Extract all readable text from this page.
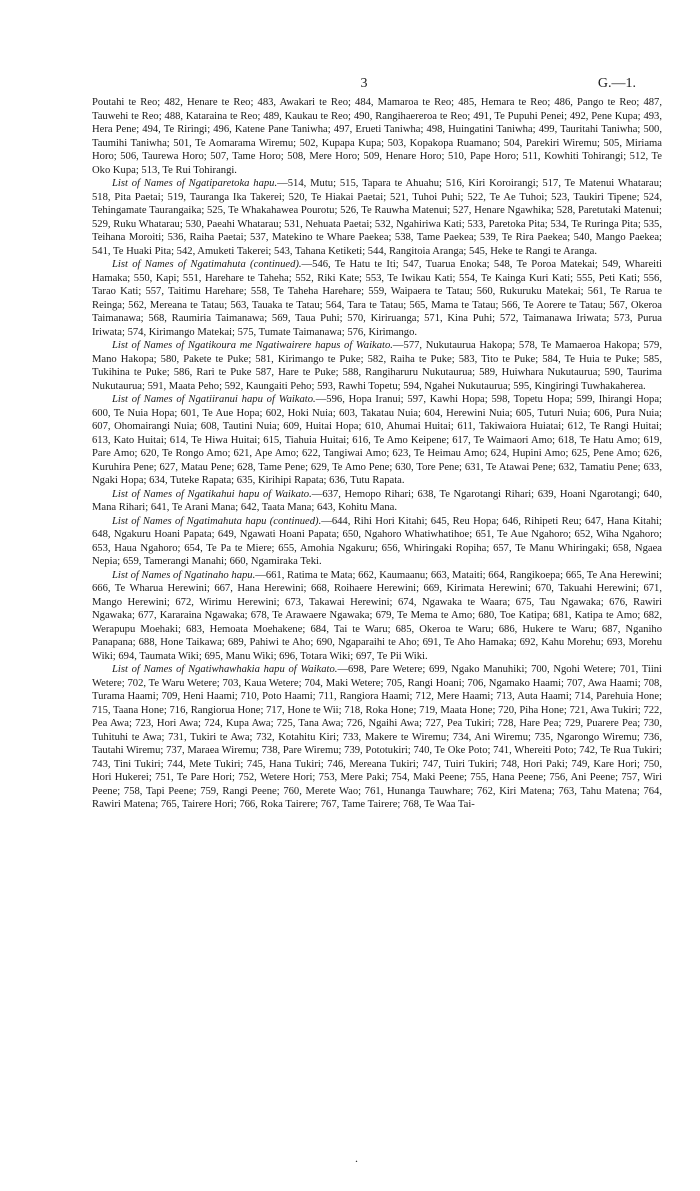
3	G.—1.

Poutahi te Reo; 482, Henare te Reo; 483, Awakari te Reo; 484, Mamaroa te Reo; 485, Hemara te Reo; 486, Pango te Reo; 487, Tauwehi te Reo; 488, Kataraina te Reo; 489, Kaukau te Reo; 490, Rangihaereroa te Reo; 491, Te Pupuhi Penei; 492, Pene Kupa; 493, Hera Pene; 494, Te Riringi; 496, Katene Pane Taniwha; 497, Erueti Taniwha; 498, Huingatini Taniwha; 499, Tauritahi Taniwha; 500, Taumihi Taniwha; 501, Te Aomarama Wiremu; 502, Kupapa Kupa; 503, Kopakopa Ruamano; 504, Parekiri Wiremu; 505, Miriama Horo; 506, Taurewa Horo; 507, Tame Horo; 508, Mere Horo; 509, Henare Horo; 510, Pape Horo; 511, Kowhiti Tohirangi; 512, Te Oko Kupa; 513, Te Rui Tohirangi.

List of Names of Ngatiparetoka hapu.—514, Mutu; 515, Tapara te Ahuahu; 516, Kiri Koroirangi; 517, Te Matenui Whatarau; 518, Pita Paetai; 519, Tauranga Ika Takerei; 520, Te Hiakai Paetai; 521, Tuhoi Puhi; 522, Te Ae Tuhoi; 523, Taukiri Tipene; 524, Tehingamate Taurangaika; 525, Te Whakahawea Pourotu; 526, Te Rauwha Matenui; 527, Henare Ngawhika; 528, Paretutaki Matenui; 529, Ruku Whatarau; 530, Paeahi Whatarau; 531, Nehuata Paetai; 532, Ngahiriwa Kati; 533, Paretoka Pita; 534, Te Ruringa Pita; 535, Teihana Moroiti; 536, Raiha Paetai; 537, Matekino te Whare Paekea; 538, Tame Paekea; 539, Te Rira Paekea; 540, Mango Paekea; 541, Te Huaki Pita; 542, Amuketi Takerei; 543, Tahana Ketiketi; 544, Rangitoia Aranga; 545, Heke te Rangi te Aranga.

List of Names of Ngatimahuta (continued).—546, Te Hatu te Iti; 547, Tuarua Enoka; 548, Te Poroa Matekai; 549, Whareiti Hamaka; 550, Kapi; 551, Harehare te Taheha; 552, Riki Kate; 553, Te Iwikau Kati; 554, Te Kainga Kuri Kati; 555, Peti Kati; 556, Tarao Kati; 557, Taitimu Harehare; 558, Te Taheha Harehare; 559, Waipaera te Tatau; 560, Rukuruku Matekai; 561, Te Rarua te Reinga; 562, Mereana te Tatau; 563, Tauaka te Tatau; 564, Tara te Tatau; 565, Mama te Tatau; 566, Te Aorere te Tatau; 567, Okeroa Taimanawa; 568, Raumiria Taimanawa; 569, Taua Puhi; 570, Kiriruanga; 571, Kina Puhi; 572, Taimanawa Iriwata; 573, Purua Iriwata; 574, Kirimango Matekai; 575, Tumate Taimanawa; 576, Kirimango.

List of Names of Ngatikoura me Ngatiwairere hapus of Waikato.—577, Nukutaurua Hakopa; 578, Te Mamaeroa Hakopa; 579, Mano Hakopa; 580, Pakete te Puke; 581, Kirimango te Puke; 582, Raiha te Puke; 583, Tito te Puke; 584, Te Huia te Puke; 585, Tukihina te Puke; 586, Rari te Puke 587, Hare te Puke; 588, Rangiharuru Nukutaurua; 589, Huiwhara Nukutaurua; 590, Taurima Nukutaurua; 591, Maata Peho; 592, Kaungaiti Peho; 593, Rawhi Topetu; 594, Ngahei Nukutaurua; 595, Kingiringi Tuwhakaherea.

List of Names of Ngatiiranui hapu of Waikato.—596, Hopa Iranui; 597, Kawhi Hopa; 598, Topetu Hopa; 599, Ihirangi Hopa; 600, Te Nuia Hopa; 601, Te Aue Hopa; 602, Hoki Nuia; 603, Takatau Nuia; 604, Herewini Nuia; 605, Tuturi Nuia; 606, Pura Nuia; 607, Ohomairangi Nuia; 608, Tautini Nuia; 609, Huitai Hopa; 610, Ahumai Huitai; 611, Takiwaiora Huiatai; 612, Te Rangi Huitai; 613, Kato Huitai; 614, Te Hiwa Huitai; 615, Tiahuia Huitai; 616, Te Amo Keipene; 617, Te Waimaori Amo; 618, Te Hatu Amo; 619, Pare Amo; 620, Te Rongo Amo; 621, Ape Amo; 622, Tangiwai Amo; 623, Te Heimau Amo; 624, Hupini Amo; 625, Pene Amo; 626, Kuruhira Pene; 627, Matau Pene; 628, Tame Pene; 629, Te Amo Pene; 630, Tore Pene; 631, Te Atawai Pene; 632, Tamatiu Pene; 633, Ngaki Hopa; 634, Tuteke Rapata; 635, Kirihipi Rapata; 636, Tutu Rapata.

List of Names of Ngatikahui hapu of Waikato.—637, Hemopo Rihari; 638, Te Ngarotangi Rihari; 639, Hoani Ngarotangi; 640, Mana Rihari; 641, Te Arani Mana; 642, Taata Mana; 643, Kohitu Mana.

List of Names of Ngatimahuta hapu (continued).—644, Rihi Hori Kitahi; 645, Reu Hopa; 646, Rihipeti Reu; 647, Hana Kitahi; 648, Ngakuru Hoani Papata; 649, Ngawati Hoani Papata; 650, Ngahoro Whatiwhatihoe; 651, Te Aue Ngahoro; 652, Wiha Ngahoro; 653, Haua Ngahoro; 654, Te Pa te Miere; 655, Amohia Ngakuru; 656, Whiringaki Ropiha; 657, Te Manu Whiringaki; 658, Ngaea Nepia; 659, Tamerangi Manahi; 660, Ngamiraka Teki.

List of Names of Ngatinaho hapu.—661, Ratima te Mata; 662, Kaumaanu; 663, Mataiti; 664, Rangikoepa; 665, Te Ana Herewini; 666, Te Wharua Herewini; 667, Hana Herewini; 668, Roihaere Herewini; 669, Kirimata Herewini; 670, Takuahi Herewini; 671, Mango Herewini; 672, Wirimu Herewini; 673, Takawai Herewini; 674, Ngawaka te Waara; 675, Tau Ngawaka; 676, Rawiri Ngawaka; 677, Kararaina Ngawaka; 678, Te Arawaere Ngawaka; 679, Te Mema te Amo; 680, Toe Katipa; 681, Katipa te Amo; 682, Werapupu Moehaki; 683, Hemoata Moehakene; 684, Tai te Waru; 685, Okeroa te Waru; 686, Hukere te Waru; 687, Nganiho Panapana; 688, Hone Taikawa; 689, Pahiwi te Aho; 690, Ngaparaihi te Aho; 691, Te Aho Hamaka; 692, Kahu Morehu; 693, Morehu Wiki; 694, Taumata Wiki; 695, Manu Wiki; 696, Totara Wiki; 697, Te Pii Wiki.

List of Names of Ngatiwhawhakia hapu of Waikato.—698, Pare Wetere; 699, Ngako Manuhiki; 700, Ngohi Wetere; 701, Tiini Wetere; 702, Te Waru Wetere; 703, Kaua Wetere; 704, Maki Wetere; 705, Rangi Hoani; 706, Ngamako Haami; 707, Awa Haami; 708, Turama Haami; 709, Heni Haami; 710, Poto Haami; 711, Rangiora Haami; 712, Mere Haami; 713, Auta Haami; 714, Parehuia Hone; 715, Taana Hone; 716, Rangiorua Hone; 717, Hone te Wii; 718, Roka Hone; 719, Maata Hone; 720, Piha Hone; 721, Awa Tukiri; 722, Pea Awa; 723, Hori Awa; 724, Kupa Awa; 725, Tana Awa; 726, Ngaihi Awa; 727, Pea Tukiri; 728, Hare Pea; 729, Puarere Pea; 730, Tuhituhi te Awa; 731, Tukiri te Awa; 732, Kotahitu Kiri; 733, Makere te Wiremu; 734, Ani Wiremu; 735, Ngarongo Wiremu; 736, Tautahi Wiremu; 737, Maraea Wiremu; 738, Pare Wiremu; 739, Pototukiri; 740, Te Oke Poto; 741, Whereiti Poto; 742, Te Rua Tukiri; 743, Tini Tukiri; 744, Mete Tukiri; 745, Hana Tukiri; 746, Mereana Tukiri; 747, Tuiri Tukiri; 748, Hori Paki; 749, Kare Hori; 750, Hori Hukerei; 751, Te Pare Hori; 752, Wetere Hori; 753, Mere Paki; 754, Maki Peene; 755, Hana Peene; 756, Ani Peene; 757, Wiri Peene; 758, Tapi Peene; 759, Rangi Peene; 760, Merete Wao; 761, Hunanga Tauwhare; 762, Kiri Matena; 763, Tahu Matena; 764, Rawiri Matena; 765, Tairere Hori; 766, Roka Tairere; 767, Tame Tairere; 768, Te Waa Tai-

.
